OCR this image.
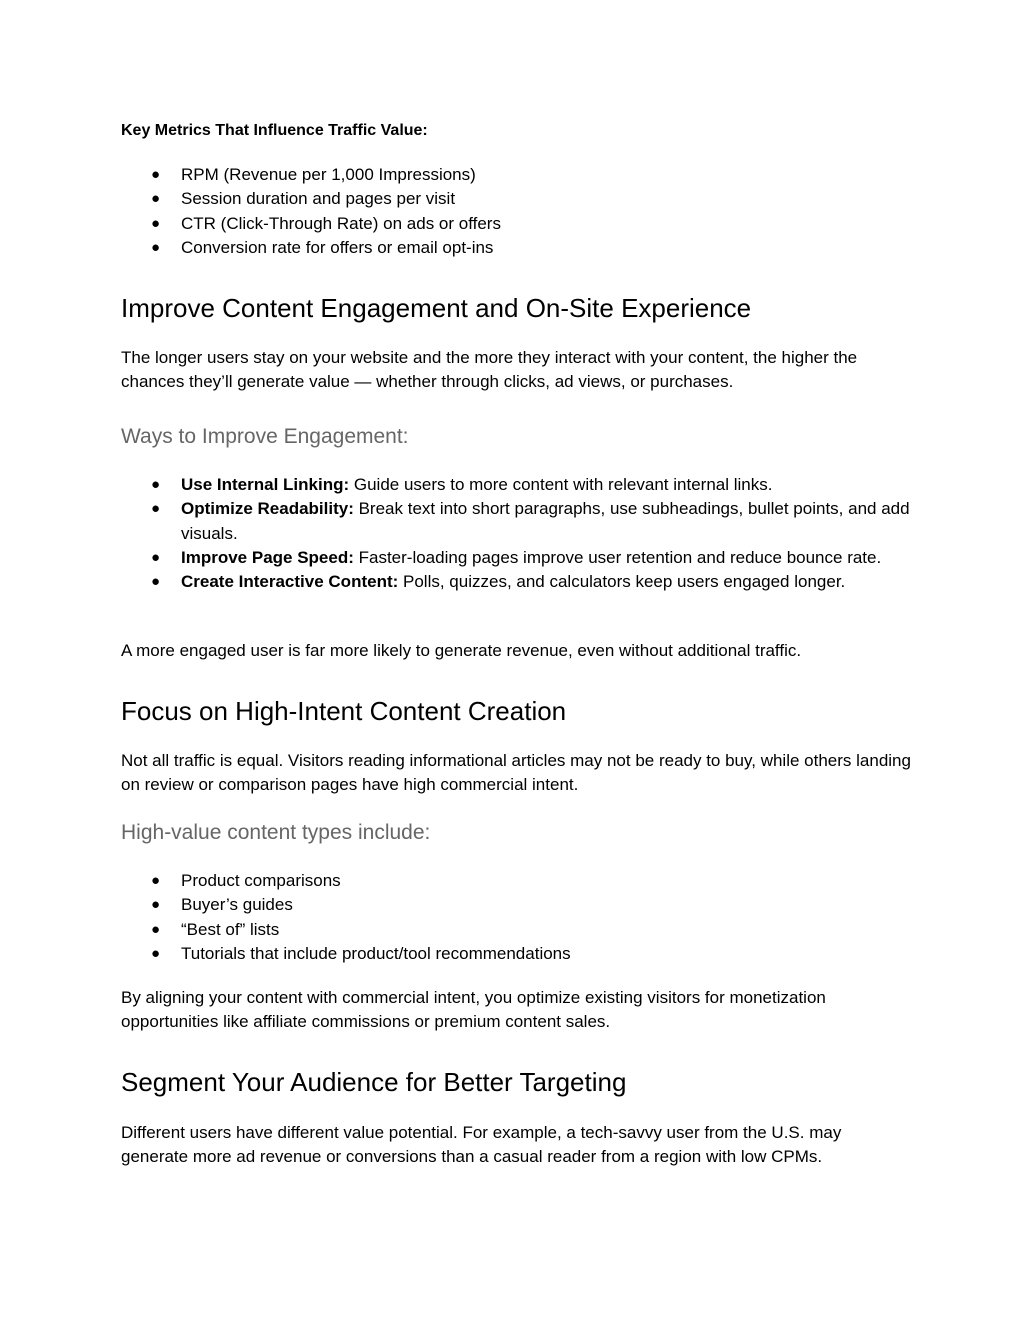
Key Metrics That Influence Traffic Value:

● RPM (Revenue per 1,000 Impressions)
● Session duration and pages per visit
● CTR (Click-Through Rate) on ads or offers
● Conversion rate for offers or email opt-ins
Improve Content Engagement and On-Site Experience

The longer users stay on your website and the more they interact with your content, the higher the chances they’ll generate value — whether through clicks, ad views, or purchases.

Ways to Improve Engagement:
● Use Internal Linking: Guide users to more content with relevant internal links.
● Optimize Readability: Break text into short paragraphs, use subheadings, bullet points, and add visuals.
● Improve Page Speed: Faster-loading pages improve user retention and reduce bounce rate.
● Create Interactive Content: Polls, quizzes, and calculators keep users engaged longer.

A more engaged user is far more likely to generate revenue, even without additional traffic.

Focus on High-Intent Content Creation

Not all traffic is equal. Visitors reading informational articles may not be ready to buy, while others landing on review or comparison pages have high commercial intent.

High-value content types include:
● Product comparisons
● Buyer’s guides
● “Best of” lists
● Tutorials that include product/tool recommendations

By aligning your content with commercial intent, you optimize existing visitors for monetization opportunities like affiliate commissions or premium content sales.

Segment Your Audience for Better Targeting

Different users have different value potential. For example, a tech-savvy user from the U.S. may generate more ad revenue or conversions than a casual reader from a region with low CPMs.
